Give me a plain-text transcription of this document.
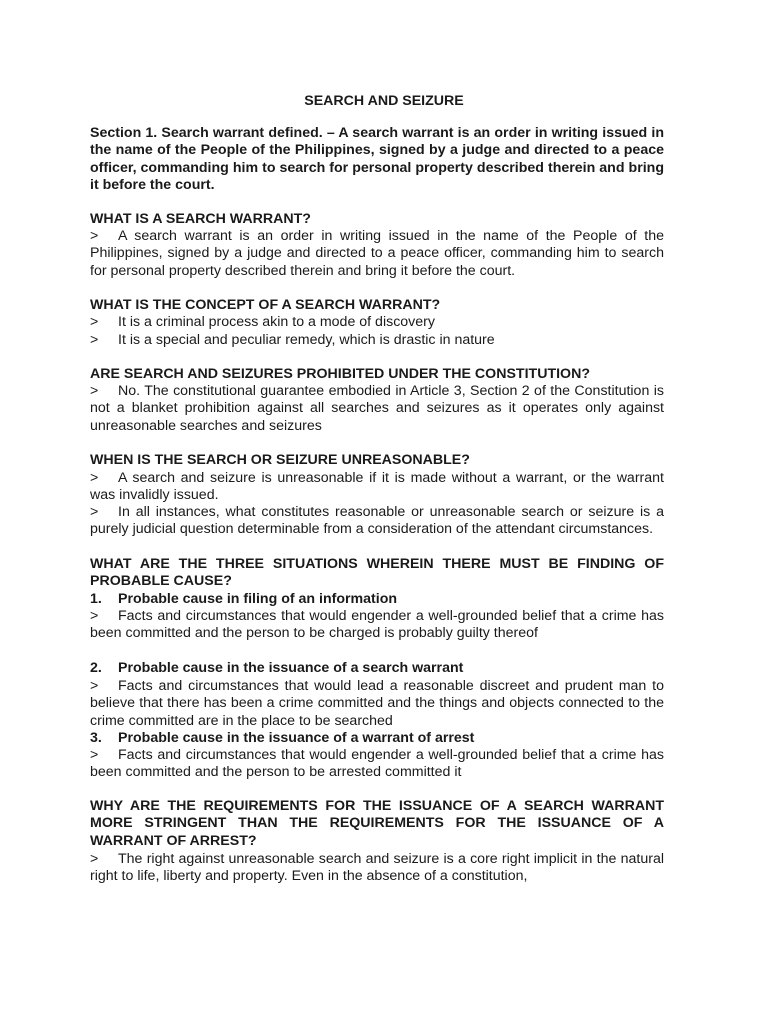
SEARCH AND SEIZURE

Section 1. Search warrant defined. – A search warrant is an order in writing issued in the name of the People of the Philippines, signed by a judge and directed to a peace officer, commanding him to search for personal property described therein and bring it before the court.

WHAT IS A SEARCH WARRANT?

> A search warrant is an order in writing issued in the name of the People of the Philippines, signed by a judge and directed to a peace officer, commanding him to search for personal property described therein and bring it before the court.

WHAT IS THE CONCEPT OF A SEARCH WARRANT?

> It is a criminal process akin to a mode of discovery

> It is a special and peculiar remedy, which is drastic in nature

ARE SEARCH AND SEIZURES PROHIBITED UNDER THE CONSTITUTION?

> No. The constitutional guarantee embodied in Article 3, Section 2 of the Constitution is not a blanket prohibition against all searches and seizures as it operates only against unreasonable searches and seizures

WHEN IS THE SEARCH OR SEIZURE UNREASONABLE?

> A search and seizure is unreasonable if it is made without a warrant, or the warrant was invalidly issued.

> In all instances, what constitutes reasonable or unreasonable search or seizure is a purely judicial question determinable from a consideration of the attendant circumstances.

WHAT ARE THE THREE SITUATIONS WHEREIN THERE MUST BE FINDING OF PROBABLE CAUSE?

1. Probable cause in filing of an information

> Facts and circumstances that would engender a well-grounded belief that a crime has been committed and the person to be charged is probably guilty thereof

2. Probable cause in the issuance of a search warrant

> Facts and circumstances that would lead a reasonable discreet and prudent man to believe that there has been a crime committed and the things and objects connected to the crime committed are in the place to be searched

3. Probable cause in the issuance of a warrant of arrest

> Facts and circumstances that would engender a well-grounded belief that a crime has been committed and the person to be arrested committed it

WHY ARE THE REQUIREMENTS FOR THE ISSUANCE OF A SEARCH WARRANT MORE STRINGENT THAN THE REQUIREMENTS FOR THE ISSUANCE OF A WARRANT OF ARREST?

> The right against unreasonable search and seizure is a core right implicit in the natural right to life, liberty and property. Even in the absence of a constitution,
